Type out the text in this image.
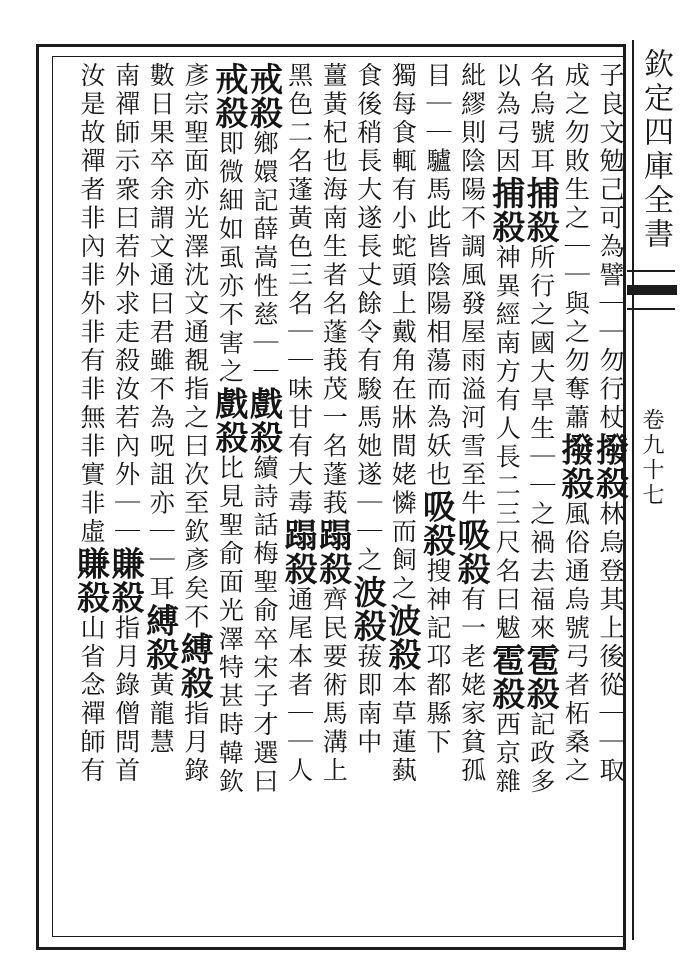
欽定四庫全書
卷九十七
子良文勉己可為譬｜｜勿行杖撥殺林烏登其上後從｜｜取
成之勿敗生之｜｜與之勿奪蕭撥殺風俗通烏號弓者柘桑之
名烏號耳捕殺所行之國大旱生｜｜之禍去福來雹殺記政多
以為弓因捕殺神異經南方有人長二三尺名曰魃雹殺西京雜
紕繆則陰陽不調風發屋雨溢河雪至牛吸殺有一老姥家貧孤
目｜｜驢馬此皆陰陽相蕩而為妖也吸殺搜神記邛都縣下
獨每食輒有小蛇頭上戴角在牀間姥憐而飼之波殺本草蓮蓺
食後稍長大遂長丈餘令有駿馬她遂｜｜之波殺菝即南中
薑黃杞也海南生者名蓬莪茂一名蓬莪蹋殺齊民要術馬溝上
黑色二名蓬黃色三名｜｜味甘有大毒蹋殺通尾本者｜｜人
戒殺鄉嬛記薛嵩性慈｜｜戲殺續詩話梅聖俞卒宋子才選曰
戒殺即微細如虱亦不害之戲殺比見聖俞面光澤特甚時韓欽
彥宗聖面亦光澤沈文通覩指之曰次至欽彥矣不縛殺指月錄
數日果卒余謂文通曰君雖不為呪詛亦｜｜耳縛殺黃龍慧
南禪師示衆曰若外求走殺汝若內外｜｜賺殺指月錄僧問首
汝是故禪者非內非外非有非無非實非虛賺殺山省念禪師有
